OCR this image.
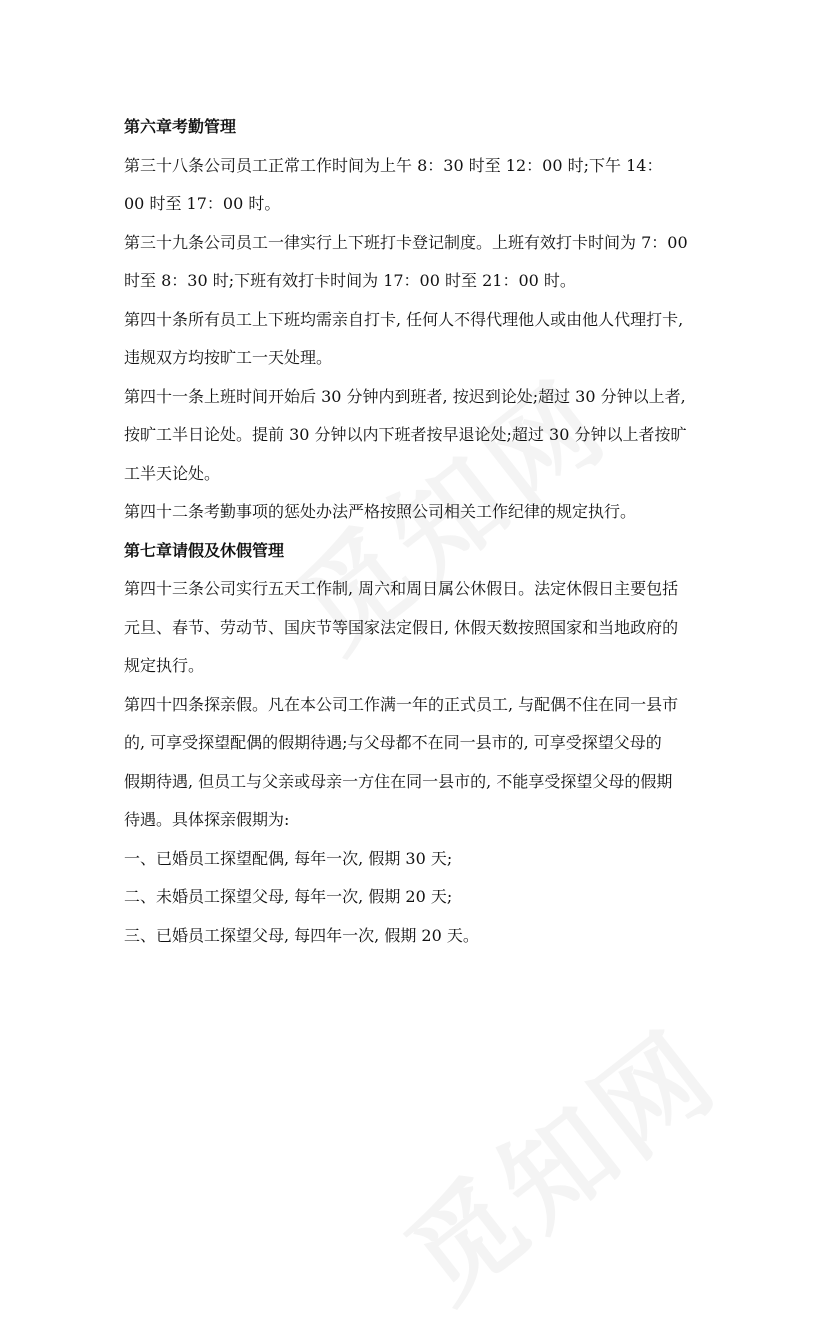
第六章考勤管理
第三十八条公司员工正常工作时间为上午 8：30 时至 12：00 时;下午 14：
00 时至 17：00 时。
第三十九条公司员工一律实行上下班打卡登记制度。上班有效打卡时间为 7：00
时至 8：30 时;下班有效打卡时间为 17：00 时至 21：00 时。
第四十条所有员工上下班均需亲自打卡, 任何人不得代理他人或由他人代理打卡,
违规双方均按旷工一天处理。
第四十一条上班时间开始后 30 分钟内到班者, 按迟到论处;超过 30 分钟以上者,
按旷工半日论处。提前 30 分钟以内下班者按早退论处;超过 30 分钟以上者按旷
工半天论处。
第四十二条考勤事项的惩处办法严格按照公司相关工作纪律的规定执行。
第七章请假及休假管理
第四十三条公司实行五天工作制, 周六和周日属公休假日。法定休假日主要包括
元旦、春节、劳动节、国庆节等国家法定假日, 休假天数按照国家和当地政府的
规定执行。
第四十四条探亲假。凡在本公司工作满一年的正式员工, 与配偶不住在同一县市
的, 可享受探望配偶的假期待遇;与父母都不在同一县市的, 可享受探望父母的
假期待遇, 但员工与父亲或母亲一方住在同一县市的, 不能享受探望父母的假期
待遇。具体探亲假期为:
一、已婚员工探望配偶, 每年一次, 假期 30 天;
二、未婚员工探望父母, 每年一次, 假期 20 天;
三、已婚员工探望父母, 每四年一次, 假期 20 天。
